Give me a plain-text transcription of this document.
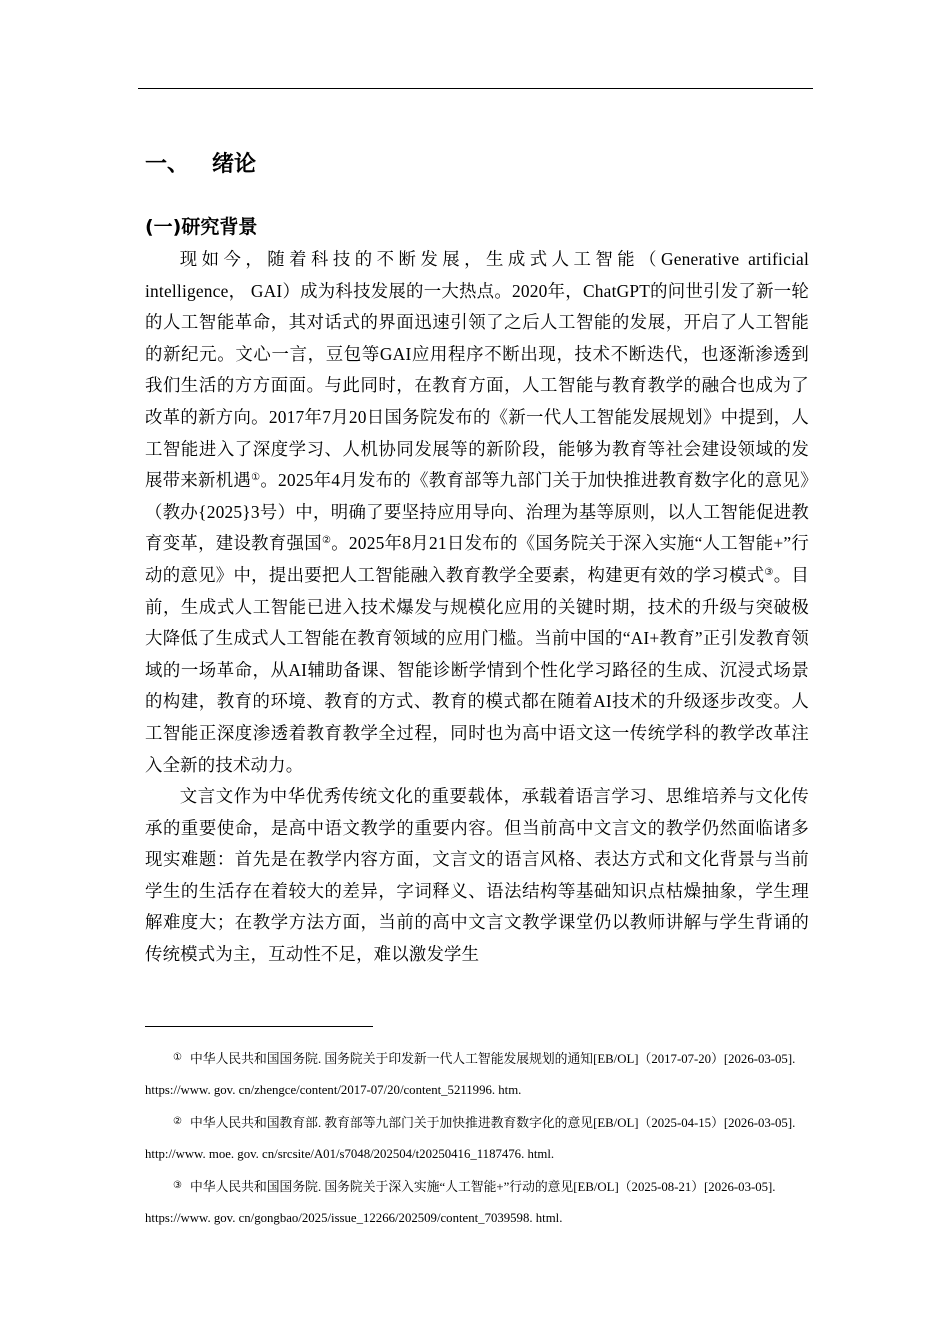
一、 绪论
(一)研究背景

现如今，随着科技的不断发展，生成式人工智能（Generative artificial intelligence， GAI）成为科技发展的一大热点。2020年，ChatGPT的问世引发了新一轮的人工智能革命，其对话式的界面迅速引领了之后人工智能的发展，开启了人工智能的新纪元。文心一言，豆包等GAI应用程序不断出现，技术不断迭代，也逐渐渗透到我们生活的方方面面。与此同时，在教育方面，人工智能与教育教学的融合也成为了改革的新方向。2017年7月20日国务院发布的《新一代人工智能发展规划》中提到，人工智能进入了深度学习、人机协同发展等的新阶段，能够为教育等社会建设领域的发展带来新机遇①。2025年4月发布的《教育部等九部门关于加快推进教育数字化的意见》（教办{2025}3号）中，明确了要坚持应用导向、治理为基等原则，以人工智能促进教育变革，建设教育强国②。2025年8月21日发布的《国务院关于深入实施“人工智能+”行动的意见》中，提出要把人工智能融入教育教学全要素，构建更有效的学习模式③。目前，生成式人工智能已进入技术爆发与规模化应用的关键时期，技术的升级与突破极大降低了生成式人工智能在教育领域的应用门槛。当前中国的“AI+教育”正引发教育领域的一场革命，从AI辅助备课、智能诊断学情到个性化学习路径的生成、沉浸式场景的构建，教育的环境、教育的方式、教育的模式都在随着AI技术的升级逐步改变。人工智能正深度渗透着教育教学全过程，同时也为高中语文这一传统学科的教学改革注入全新的技术动力。

文言文作为中华优秀传统文化的重要载体，承载着语言学习、思维培养与文化传承的重要使命，是高中语文教学的重要内容。但当前高中文言文的教学仍然面临诸多现实难题：首先是在教学内容方面，文言文的语言风格、表达方式和文化背景与当前学生的生活存在着较大的差异，字词释义、语法结构等基础知识点枯燥抽象，学生理解难度大；在教学方法方面，当前的高中文言文教学课堂仍以教师讲解与学生背诵的传统模式为主，互动性不足，难以激发学生

① 中华人民共和国国务院. 国务院关于印发新一代人工智能发展规划的通知[EB/OL]（2017-07-20）[2026-03-05]. https://www. gov. cn/zhengce/content/2017-07/20/content_5211996. htm.

② 中华人民共和国教育部. 教育部等九部门关于加快推进教育数字化的意见[EB/OL]（2025-04-15）[2026-03-05]. http://www. moe. gov. cn/srcsite/A01/s7048/202504/t20250416_1187476. html.

③ 中华人民共和国国务院. 国务院关于深入实施“人工智能+”行动的意见[EB/OL]（2025-08-21）[2026-03-05]. https://www. gov. cn/gongbao/2025/issue_12266/202509/content_7039598. html.
